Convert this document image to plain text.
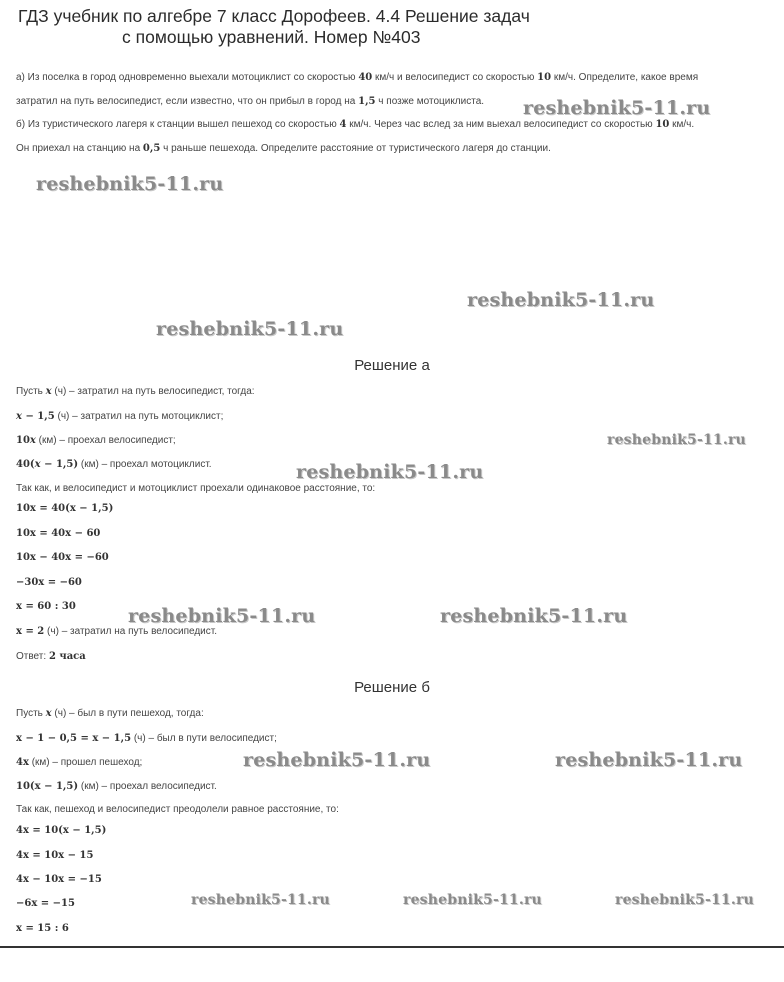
ГДЗ учебник по алгебре 7 класс Дорофеев. 4.4 Решение задач
с помощью уравнений. Номер №403
а) Из поселка в город одновременно выехали мотоциклист со скоростью 40 км/ч и велосипедист со скоростью 10 км/ч. Определите, какое время
затратил на путь велосипедист, если известно, что он прибыл в город на 1,5 ч позже мотоциклиста.
б) Из туристического лагеря к станции вышел пешеход со скоростью 4 км/ч. Через час вслед за ним выехал велосипедист со скоростью 10 км/ч.
Он приехал на станцию на 0,5 ч раньше пешехода. Определите расстояние от туристического лагеря до станции.
Решение а
Пусть x (ч) – затратил на путь велосипедист, тогда:
x − 1,5 (ч) – затратил на путь мотоциклист;
10x (км) – проехал велосипедист;
40(x − 1,5) (км) – проехал мотоциклист.
Так как, и велосипедист и мотоциклист проехали одинаковое расстояние, то:
10x = 40(x − 1,5)
10x = 40x − 60
10x − 40x = −60
−30x = −60
x = 60 : 30
x = 2 (ч) – затратил на путь велосипедист.
Ответ: 2 часа
Решение б
Пусть x (ч) – был в пути пешеход, тогда:
x − 1 − 0,5 = x − 1,5 (ч) – был в пути велосипедист;
4x (км) – прошел пешеход;
10(x − 1,5) (км) – проехал велосипедист.
Так как, пешеход и велосипедист преодолели равное расстояние, то:
4x = 10(x − 1,5)
4x = 10x − 15
4x − 10x = −15
−6x = −15
x = 15 : 6
reshebnik5-11.ru
reshebnik5-11.ru
reshebnik5-11.ru
reshebnik5-11.ru
reshebnik5-11.ru
reshebnik5-11.ru
reshebnik5-11.ru	reshebnik5-11.ru
reshebnik5-11.ru	reshebnik5-11.ru
reshebnik5-11.ru	reshebnik5-11.ru	reshebnik5-11.ru
